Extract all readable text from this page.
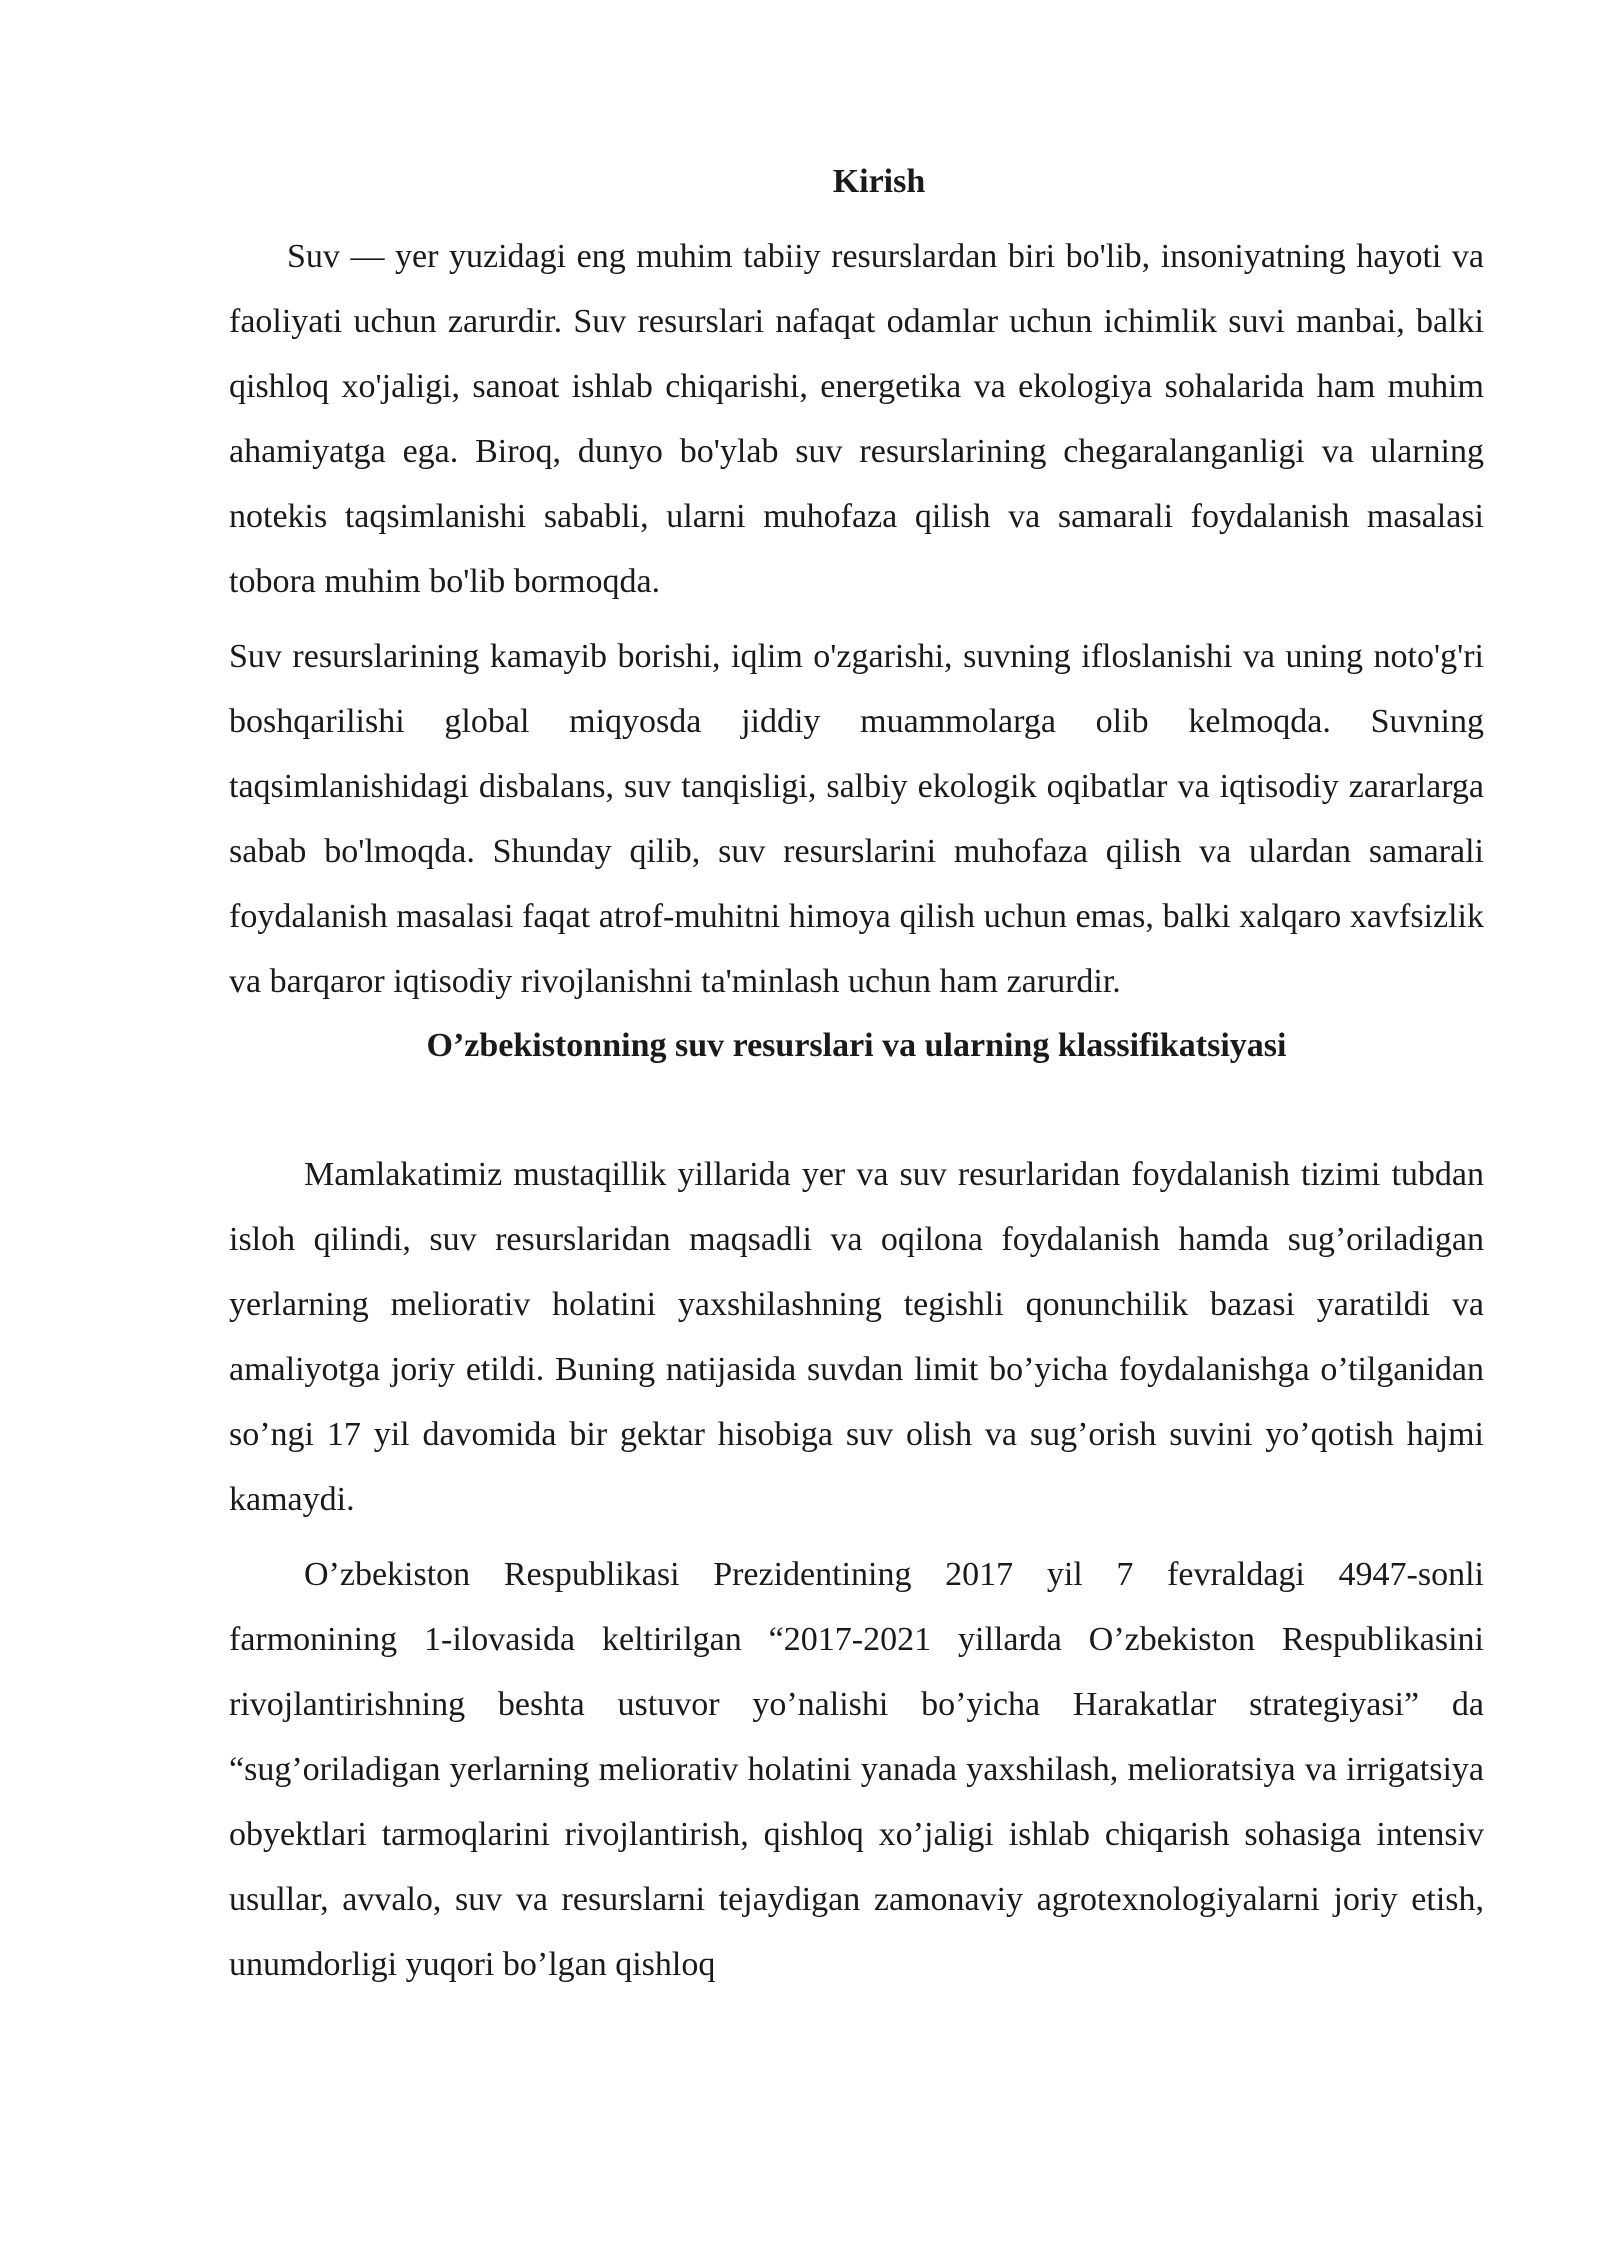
Kirish

Suv — yer yuzidagi eng muhim tabiiy resurslardan biri bo'lib, insoniyatning hayoti va faoliyati uchun zarurdir. Suv resurslari nafaqat odamlar uchun ichimlik suvi manbai, balki qishloq xo'jaligi, sanoat ishlab chiqarishi, energetika va ekologiya sohalarida ham muhim ahamiyatga ega. Biroq, dunyo bo'ylab suv resurslarining chegaralanganligi va ularning notekis taqsimlanishi sababli, ularni muhofaza qilish va samarali foydalanish masalasi tobora muhim bo'lib bormoqda.

Suv resurslarining kamayib borishi, iqlim o'zgarishi, suvning ifloslanishi va uning noto'g'ri boshqarilishi global miqyosda jiddiy muammolarga olib kelmoqda. Suvning taqsimlanishidagi disbalans, suv tanqisligi, salbiy ekologik oqibatlar va iqtisodiy zararlarga sabab bo'lmoqda. Shunday qilib, suv resurslarini muhofaza qilish va ulardan samarali foydalanish masalasi faqat atrof-muhitni himoya qilish uchun emas, balki xalqaro xavfsizlik va barqaror iqtisodiy rivojlanishni ta'minlash uchun ham zarurdir.

O’zbekistonning suv resurslari va ularning klassifikatsiyasi

Mamlakatimiz mustaqillik yillarida yer va suv resurlaridan foydalanish tizimi tubdan isloh qilindi, suv resurslaridan maqsadli va oqilona foydalanish hamda sug’oriladigan yerlarning meliorativ holatini yaxshilashning tegishli qonunchilik bazasi yaratildi va amaliyotga joriy etildi. Buning natijasida suvdan limit bo’yicha foydalanishga o’tilganidan so’ngi 17 yil davomida bir gektar hisobiga suv olish va sug’orish suvini yo’qotish hajmi kamaydi.

O’zbekiston Respublikasi Prezidentining 2017 yil 7 fevraldagi 4947-sonli farmonining 1-ilovasida keltirilgan “2017-2021 yillarda O’zbekiston Respublikasini rivojlantirishning beshta ustuvor yo’nalishi bo’yicha Harakatlar strategiyasi” da “sug’oriladigan yerlarning meliorativ holatini yanada yaxshilash, melioratsiya va irrigatsiya obyektlari tarmoqlarini rivojlantirish, qishloq xo’jaligi ishlab chiqarish sohasiga intensiv usullar, avvalo, suv va resurslarni tejaydigan zamonaviy agrotexnologiyalarni joriy etish, unumdorligi yuqori bo’lgan qishloq
